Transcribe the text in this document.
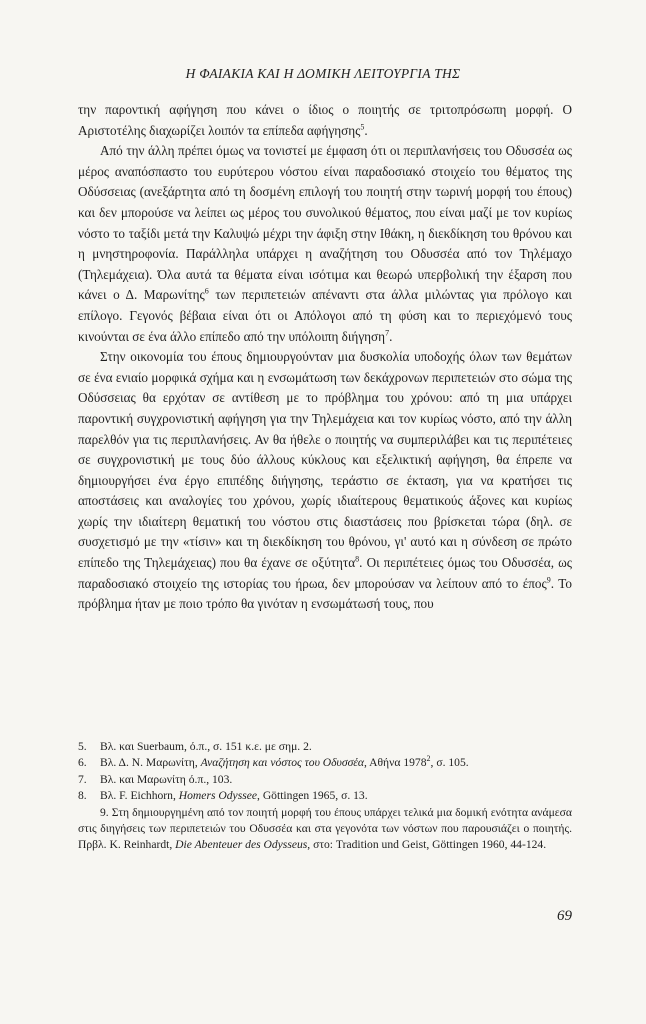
Η ΦΑΙΑΚΙΑ ΚΑΙ Η ΔΟΜΙΚΗ ΛΕΙΤΟΥΡΓΙΑ ΤΗΣ

την παροντική αφήγηση που κάνει ο ίδιος ο ποιητής σε τριτοπρόσωπη μορφή. Ο Αριστοτέλης διαχωρίζει λοιπόν τα επίπεδα αφήγησης$^5$.

Από την άλλη πρέπει όμως να τονιστεί με έμφαση ότι οι περιπλανήσεις του Οδυσσέα ως μέρος αναπόσπαστο του ευρύτερου νόστου είναι παραδοσιακό στοιχείο του θέματος της Οδύσσειας (ανεξάρτητα από τη δοσμένη επιλογή του ποιητή στην τωρινή μορφή του έπους) και δεν μπορούσε να λείπει ως μέρος του συνολικού θέματος, που είναι μαζί με τον κυρίως νόστο το ταξίδι μετά την Καλυψώ μέχρι την άφιξη στην Ιθάκη, η διεκδίκηση του θρόνου και η μνηστηροφονία. Παράλληλα υπάρχει η αναζήτηση του Οδυσσέα από τον Τηλέμαχο (Τηλεμάχεια). Όλα αυτά τα θέματα είναι ισότιμα και θεωρώ υπερβολική την έξαρση που κάνει ο Δ. Μαρωνίτης$^6$ των περιπετειών απέναντι στα άλλα μιλώντας για πρόλογο και επίλογο. Γεγονός βέβαια είναι ότι οι Απόλογοι από τη φύση και το περιεχόμενό τους κινούνται σε ένα άλλο επίπεδο από την υπόλοιπη διήγηση$^7$.

Στην οικονομία του έπους δημιουργούνταν μια δυσκολία υποδοχής όλων των θεμάτων σε ένα ενιαίο μορφικά σχήμα και η ενσωμάτωση των δεκάχρονων περιπετειών στο σώμα της Οδύσσειας θα ερχόταν σε αντίθεση με το πρόβλημα του χρόνου: από τη μια υπάρχει παροντική συγχρονιστική αφήγηση για την Τηλεμάχεια και τον κυρίως νόστο, από την άλλη παρελθόν για τις περιπλανήσεις. Αν θα ήθελε ο ποιητής να συμπεριλάβει και τις περιπέτειες σε συγχρονιστική με τους δύο άλλους κύκλους και εξελικτική αφήγηση, θα έπρεπε να δημιουργήσει ένα έργο επιπέδης διήγησης, τεράστιο σε έκταση, για να κρατήσει τις αποστάσεις και αναλογίες του χρόνου, χωρίς ιδιαίτερους θεματικούς άξονες και κυρίως χωρίς την ιδιαίτερη θεματική του νόστου στις διαστάσεις που βρίσκεται τώρα (δηλ. σε συσχετισμό με την «τίσιν» και τη διεκδίκηση του θρόνου, γι' αυτό και η σύνδεση σε πρώτο επίπεδο της Τηλεμάχειας) που θα έχανε σε οξύτητα$^8$. Οι περιπέτειες όμως του Οδυσσέα, ως παραδοσιακό στοιχείο της ιστορίας του ήρωα, δεν μπορούσαν να λείπουν από το έπος$^9$. Το πρόβλημα ήταν με ποιο τρόπο θα γινόταν η ενσωμάτωσή τους, που

5. Βλ. και Suerbaum, ό.π., σ. 151 κ.ε. με σημ. 2.

6. Βλ. Δ. Ν. Μαρωνίτη, Αναζήτηση και νόστος του Οδυσσέα, Αθήνα 1978$^2$, σ. 105.

7. Βλ. και Μαρωνίτη ό.π., 103.

8. Βλ. F. Eichhorn, Homers Odyssee, Göttingen 1965, σ. 13.

9. Στη δημιουργημένη από τον ποιητή μορφή του έπους υπάρχει τελικά μια δομική ενότητα ανάμεσα στις διηγήσεις των περιπετειών του Οδυσσέα και στα γεγονότα των νόστων που παρουσιάζει ο ποιητής. Πρβλ. K. Reinhardt, Die Abenteuer des Odysseus, στο: Tradition und Geist, Göttingen 1960, 44-124.

69
